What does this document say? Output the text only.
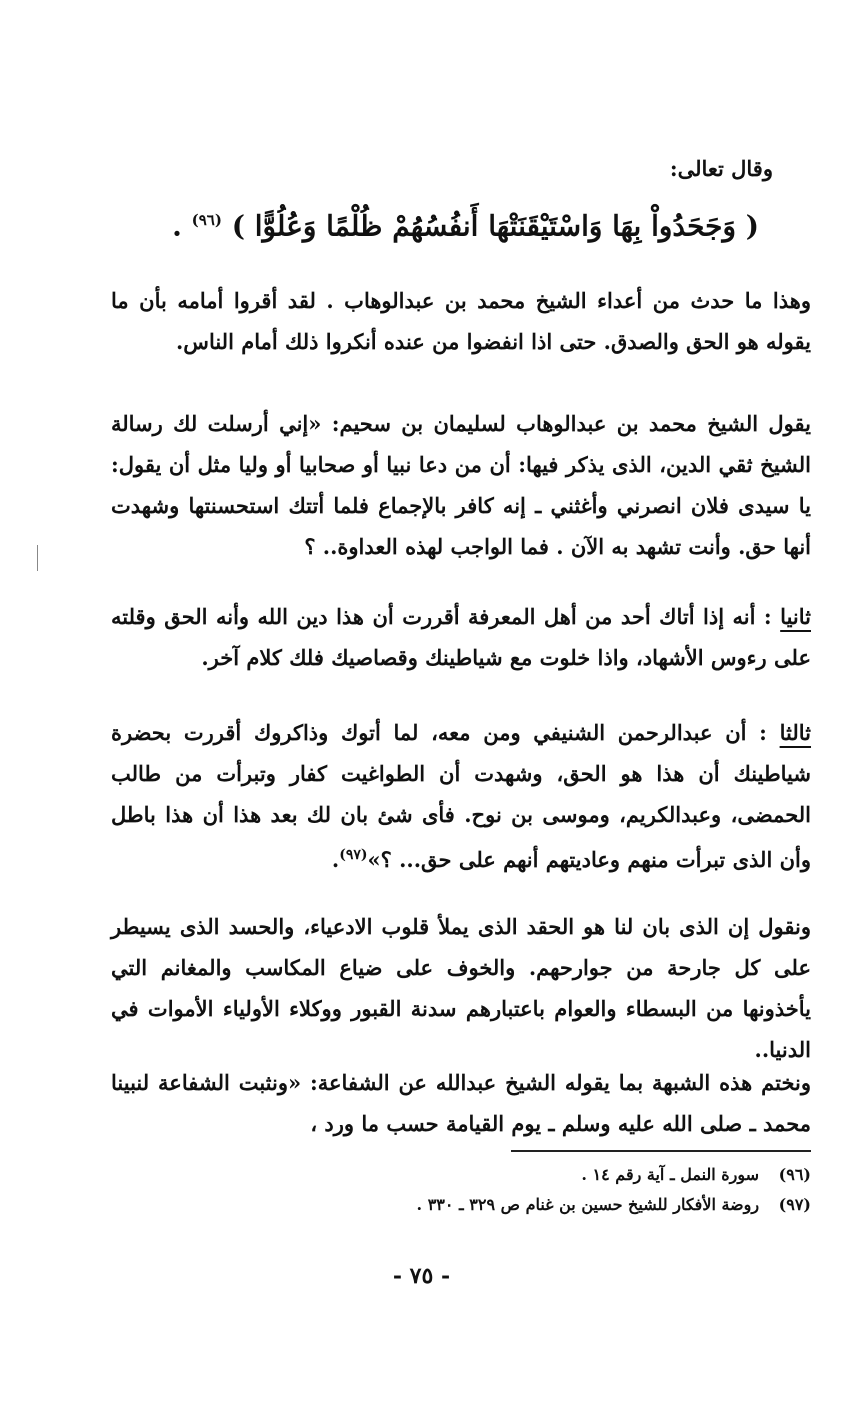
وقال تعالى:
( وَجَحَدُواْ بِهَا وَاسْتَيْقَنَتْهَا أَنفُسُهُمْ ظُلْمًا وَعُلُوًّا ) $^{(٩٦)}$ .

وهذا ما حدث من أعداء الشيخ محمد بن عبدالوهاب . لقد أقروا أمامه بأن ما يقوله هو الحق والصدق. حتى اذا انفضوا من عنده أنكروا ذلك أمام الناس.

يقول الشيخ محمد بن عبدالوهاب لسليمان بن سحيم: «إني أرسلت لك رسالة الشيخ ثقي الدين، الذى يذكر فيها: أن من دعا نبيا أو صحابيا أو وليا مثل أن يقول: يا سيدى فلان انصرني وأغثني ـ إنه كافر بالإجماع فلما أتتك استحسنتها وشهدت أنها حق. وأنت تشهد به الآن . فما الواجب لهذه العداوة.. ؟

ثانيا : أنه إذا أتاك أحد من أهل المعرفة أقررت أن هذا دين الله وأنه الحق وقلته على رءوس الأشهاد، واذا خلوت مع شياطينك وقصاصيك فلك كلام آخر.

ثالثا : أن عبدالرحمن الشنيفي ومن معه، لما أتوك وذاكروك أقررت بحضرة شياطينك أن هذا هو الحق، وشهدت أن الطواغيت كفار وتبرأت من طالب الحمضى، وعبدالكريم، وموسى بن نوح. فأى شئ بان لك بعد هذا أن هذا باطل وأن الذى تبرأت منهم وعاديتهم أنهم على حق... ؟»$^{(٩٧)}$.

ونقول إن الذى بان لنا هو الحقد الذى يملأ قلوب الادعياء، والحسد الذى يسيطر على كل جارحة من جوارحهم. والخوف على ضياع المكاسب والمغانم التي يأخذونها من البسطاء والعوام باعتبارهم سدنة القبور ووكلاء الأولياء الأموات في الدنيا..

ونختم هذه الشبهة بما يقوله الشيخ عبدالله عن الشفاعة: «ونثبت الشفاعة لنبينا محمد ـ صلى الله عليه وسلم ـ يوم القيامة حسب ما ورد ،

(٩٦) سورة النمل ـ آية رقم ١٤ .
(٩٧) روضة الأفكار للشيخ حسين بن غنام ص ٣٢٩ ـ ٣٣٠ .
- ٧٥ -
